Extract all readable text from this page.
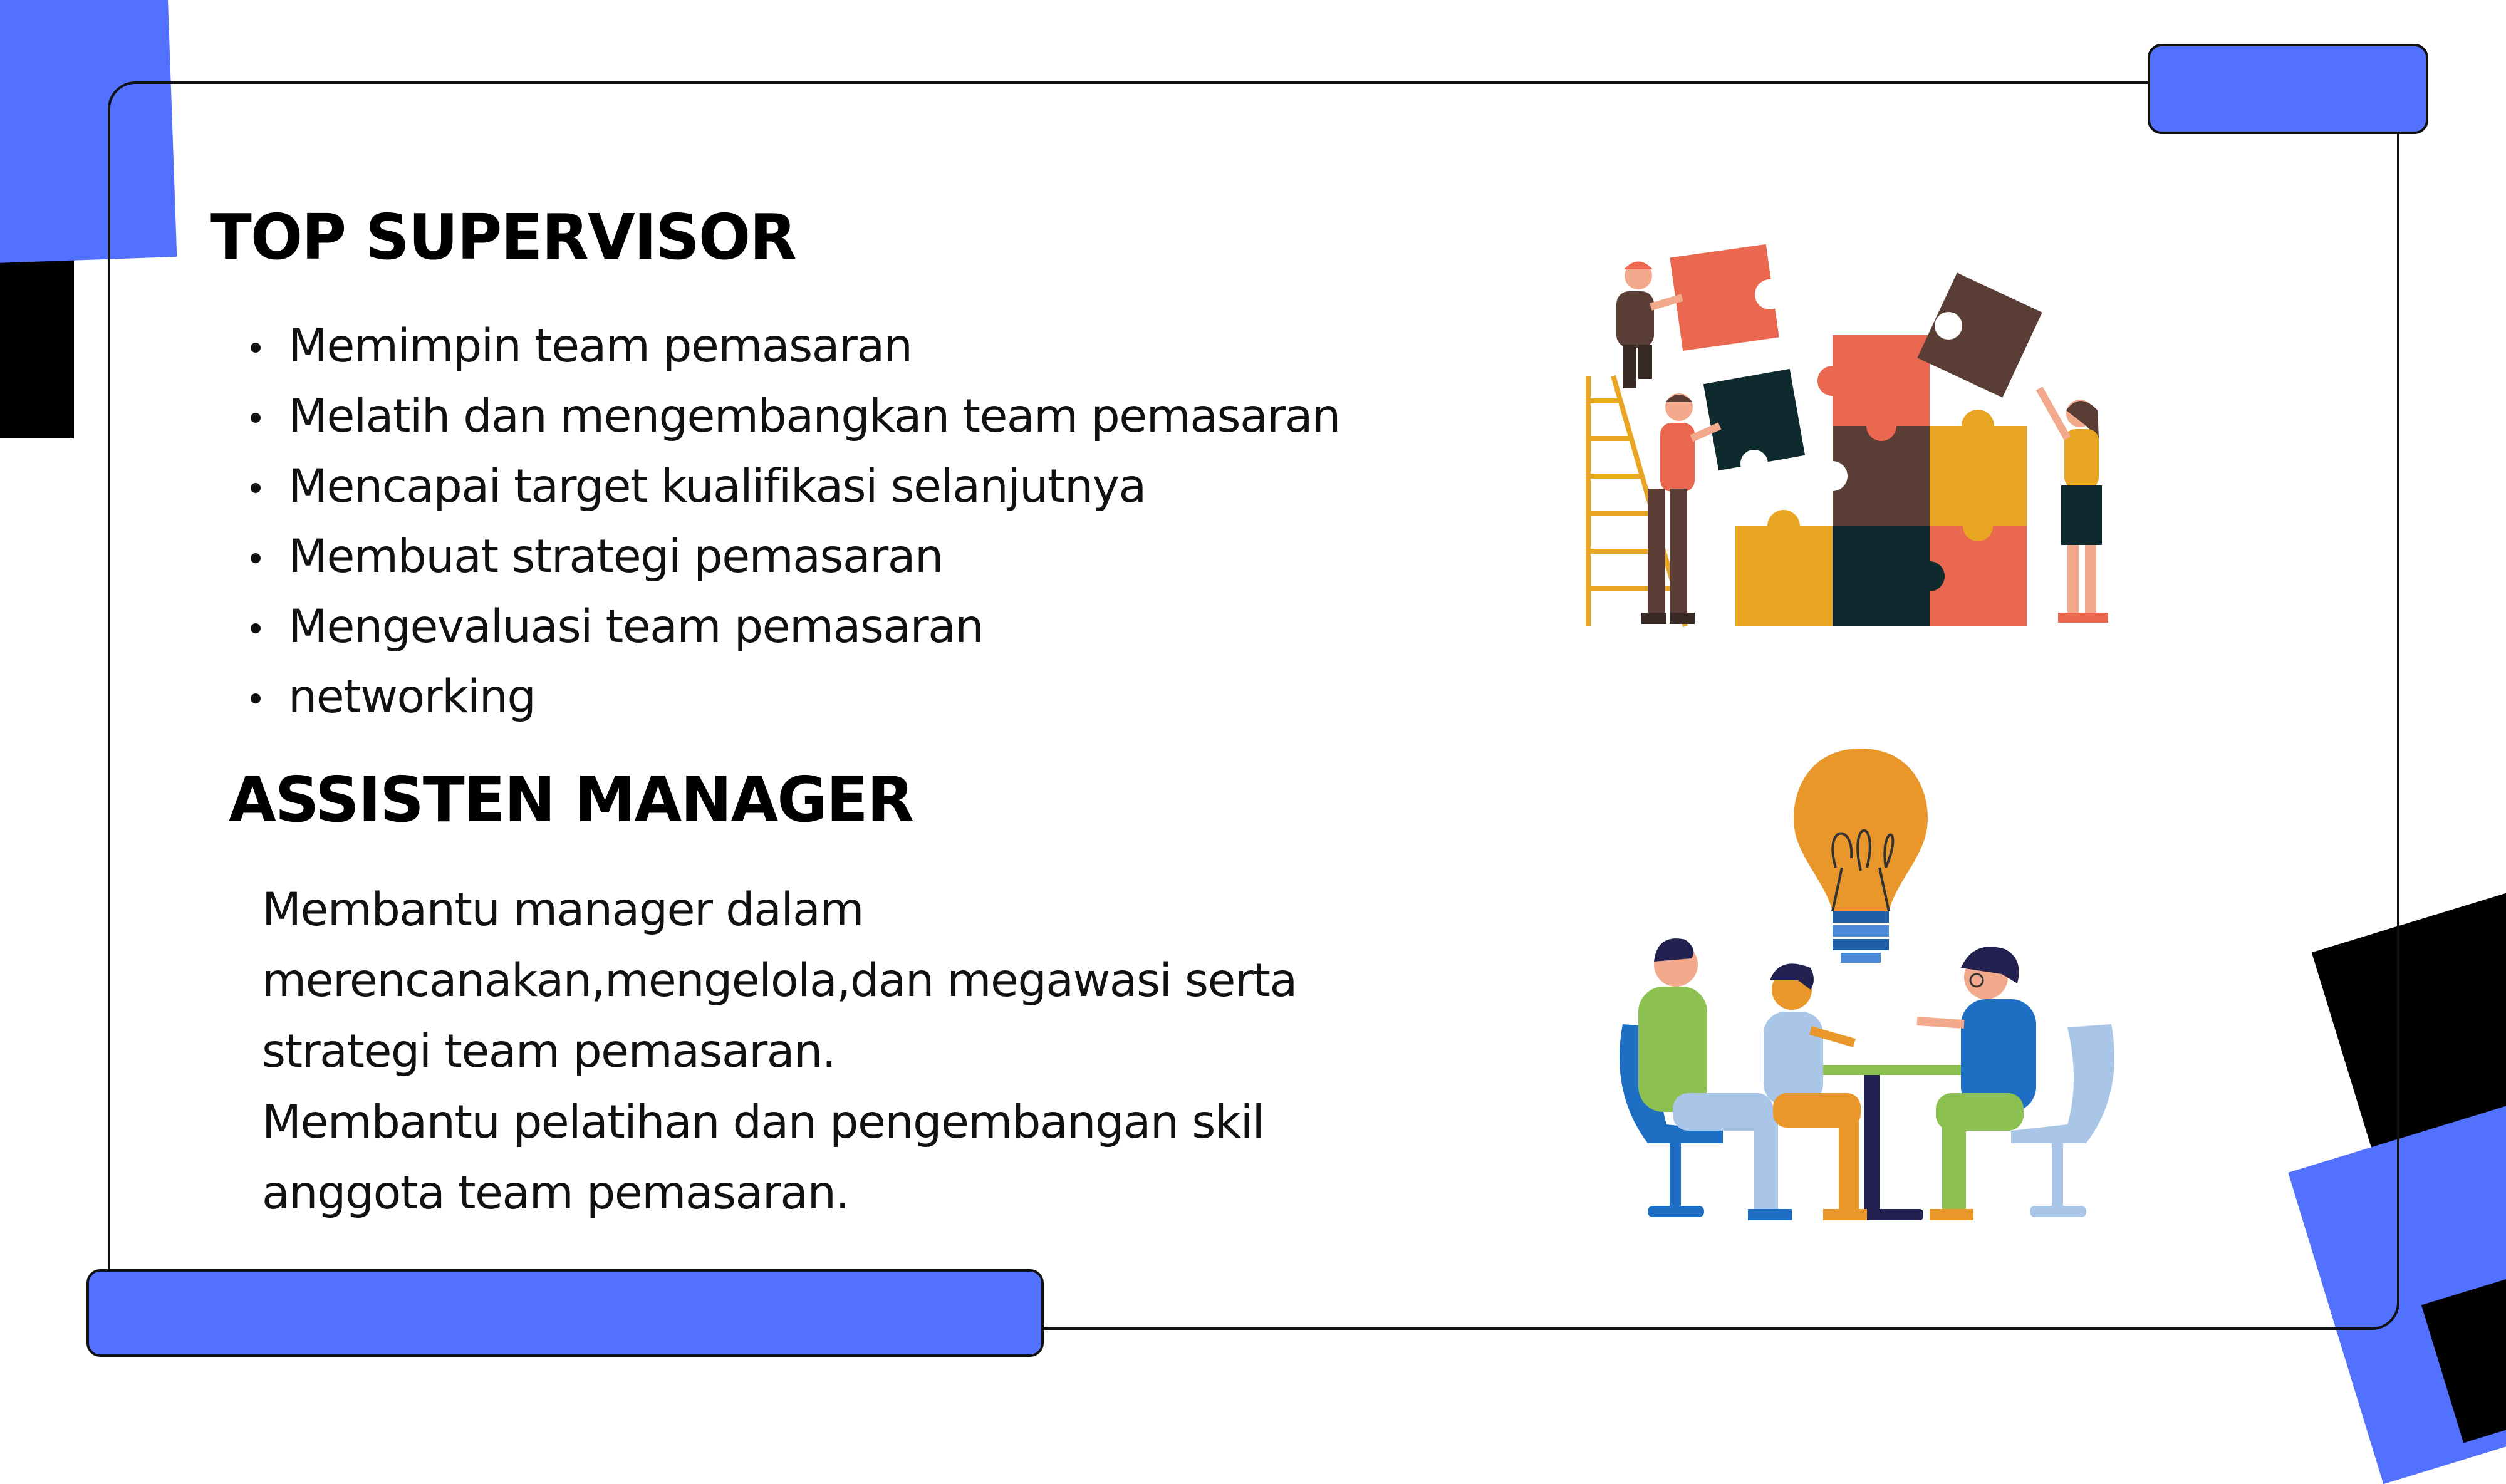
TOP SUPERVISOR
Memimpin team pemasaran
Melatih dan mengembangkan team pemasaran
Mencapai target kualifikasi selanjutnya
Membuat strategi pemasaran
Mengevaluasi team pemasaran
networking
ASSISTEN MANAGER
Membantu manager dalam
merencanakan,mengelola,dan megawasi serta
strategi team pemasaran.
Membantu pelatihan dan pengembangan skil
anggota team pemasaran.
